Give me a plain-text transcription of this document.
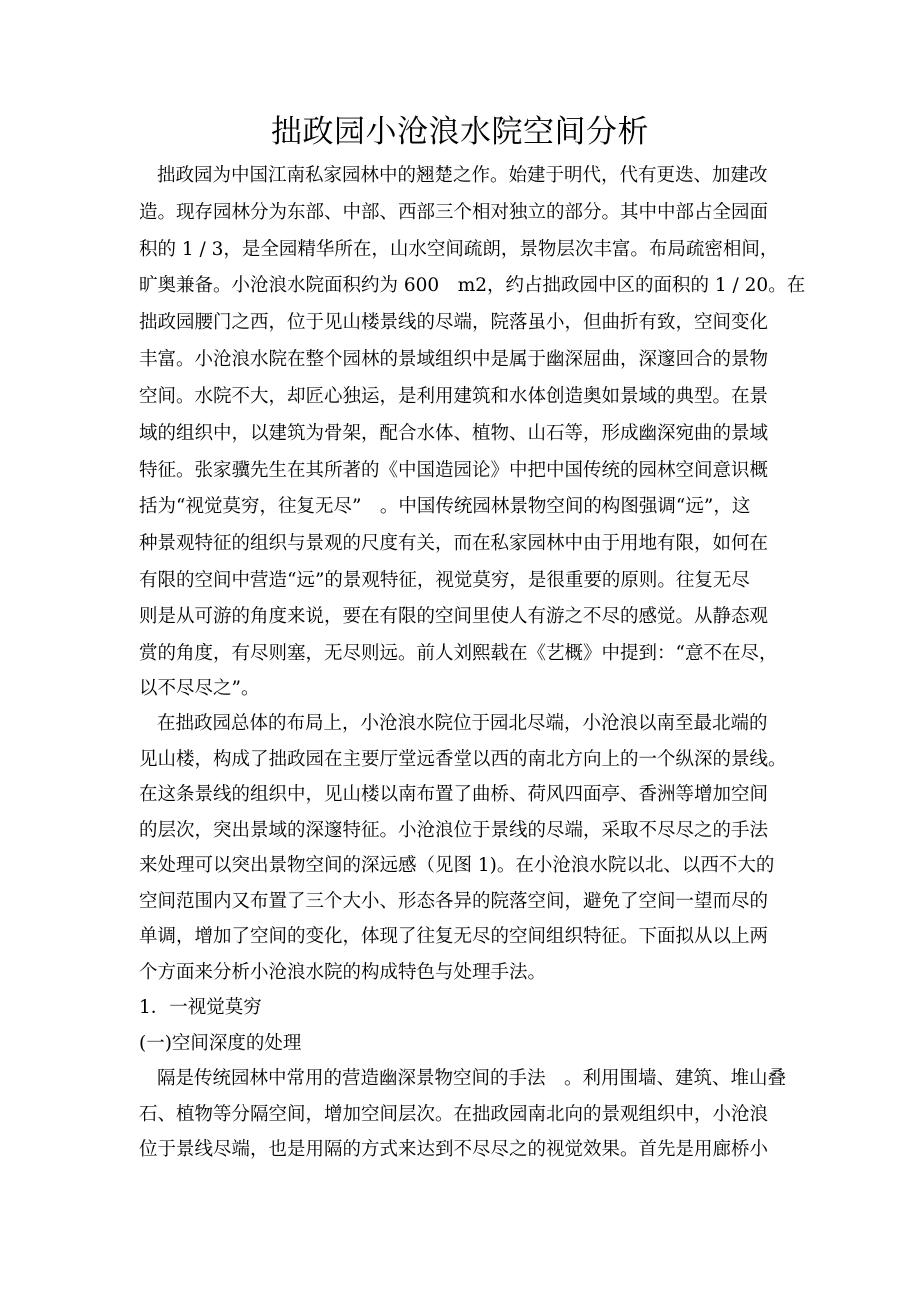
拙政园小沧浪水院空间分析
拙政园为中国江南私家园林中的翘楚之作。始建于明代，代有更迭、加建改
造。现存园林分为东部、中部、西部三个相对独立的部分。其中中部占全园面
积的 1 / 3，是全园精华所在，山水空间疏朗，景物层次丰富。布局疏密相间，
旷奥兼备。小沧浪水院面积约为 600　m2，约占拙政园中区的面积的 1 / 20。在
拙政园腰门之西，位于见山楼景线的尽端，院落虽小，但曲折有致，空间变化
丰富。小沧浪水院在整个园林的景域组织中是属于幽深屈曲，深邃回合的景物
空间。水院不大，却匠心独运，是利用建筑和水体创造奥如景域的典型。在景
域的组织中，以建筑为骨架，配合水体、植物、山石等，形成幽深宛曲的景域
特征。张家骥先生在其所著的《中国造园论》中把中国传统的园林空间意识概
括为“视觉莫穷，往复无尽”　。中国传统园林景物空间的构图强调“远”，这
种景观特征的组织与景观的尺度有关，而在私家园林中由于用地有限，如何在
有限的空间中营造“远”的景观特征，视觉莫穷，是很重要的原则。往复无尽
则是从可游的角度来说，要在有限的空间里使人有游之不尽的感觉。从静态观
赏的角度，有尽则塞，无尽则远。前人刘熙载在《艺概》中提到：“意不在尽，
以不尽尽之”。
在拙政园总体的布局上，小沧浪水院位于园北尽端，小沧浪以南至最北端的
见山楼，构成了拙政园在主要厅堂远香堂以西的南北方向上的一个纵深的景线。
在这条景线的组织中，见山楼以南布置了曲桥、荷风四面亭、香洲等增加空间
的层次，突出景域的深邃特征。小沧浪位于景线的尽端，采取不尽尽之的手法
来处理可以突出景物空间的深远感（见图 1)。在小沧浪水院以北、以西不大的
空间范围内又布置了三个大小、形态各异的院落空间，避免了空间一望而尽的
单调，增加了空间的变化，体现了往复无尽的空间组织特征。下面拟从以上两
个方面来分析小沧浪水院的构成特色与处理手法。
1．一视觉莫穷
(一)空间深度的处理
隔是传统园林中常用的营造幽深景物空间的手法　。利用围墙、建筑、堆山叠
石、植物等分隔空间，增加空间层次。在拙政园南北向的景观组织中，小沧浪
位于景线尽端，也是用隔的方式来达到不尽尽之的视觉效果。首先是用廊桥小
